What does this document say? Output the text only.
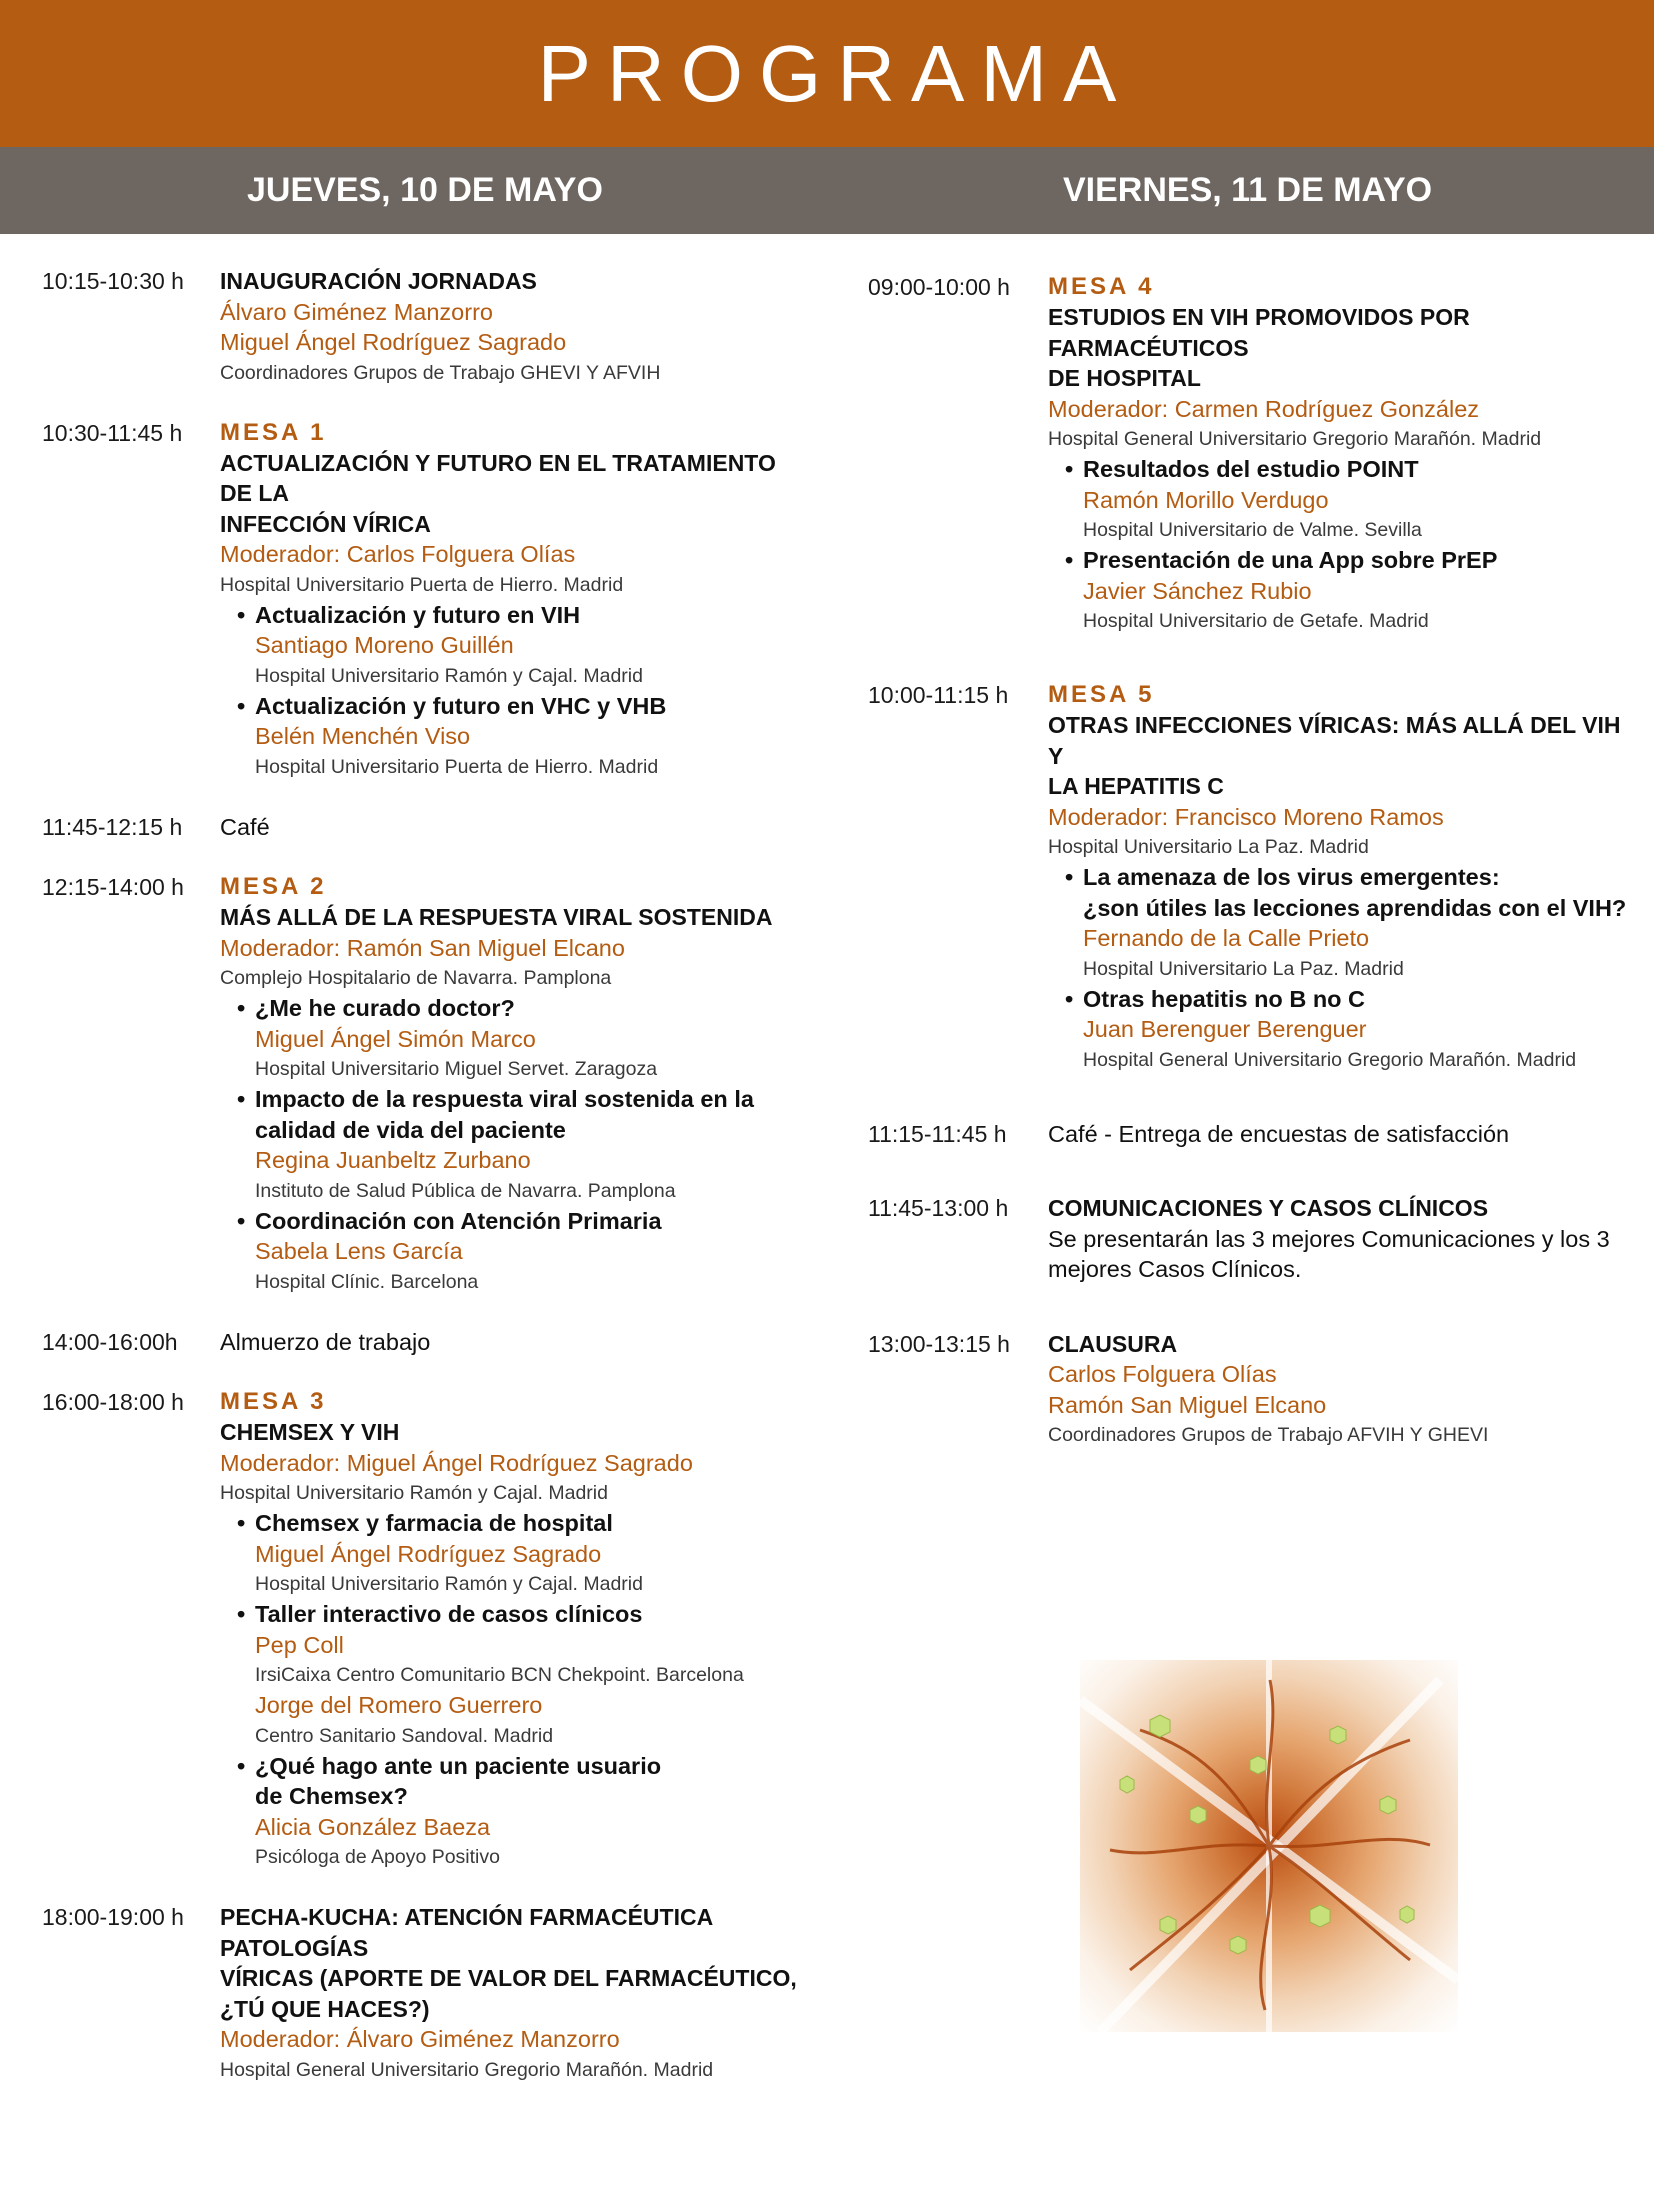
PROGRAMA
JUEVES, 10 DE MAYO	VIERNES, 11 DE MAYO
10:15-10:30 h	INAUGURACIÓN JORNADAS
Álvaro Giménez Manzorro
Miguel Ángel Rodríguez Sagrado
Coordinadores Grupos de Trabajo GHEVI Y AFVIH
10:30-11:45 h	MESA 1
ACTUALIZACIÓN Y FUTURO EN EL TRATAMIENTO DE LA
INFECCIÓN VÍRICA
Moderador: Carlos Folguera Olías
Hospital Universitario Puerta de Hierro. Madrid
• Actualización y futuro en VIH
Santiago Moreno Guillén
Hospital Universitario Ramón y Cajal. Madrid
• Actualización y futuro en VHC y VHB
Belén Menchén Viso
Hospital Universitario Puerta de Hierro. Madrid
11:45-12:15 h	Café
12:15-14:00 h	MESA 2
MÁS ALLÁ DE LA RESPUESTA VIRAL SOSTENIDA
Moderador: Ramón San Miguel Elcano
Complejo Hospitalario de Navarra. Pamplona
• ¿Me he curado doctor?
Miguel Ángel Simón Marco
Hospital Universitario Miguel Servet. Zaragoza
• Impacto de la respuesta viral sostenida en la
calidad de vida del paciente
Regina Juanbeltz Zurbano
Instituto de Salud Pública de Navarra. Pamplona
• Coordinación con Atención Primaria
Sabela Lens García
Hospital Clínic. Barcelona
14:00-16:00h	Almuerzo de trabajo
16:00-18:00 h	MESA 3
CHEMSEX Y VIH
Moderador: Miguel Ángel Rodríguez Sagrado
Hospital Universitario Ramón y Cajal. Madrid
• Chemsex y farmacia de hospital
Miguel Ángel Rodríguez Sagrado
Hospital Universitario Ramón y Cajal. Madrid
• Taller interactivo de casos clínicos
Pep Coll
IrsiCaixa Centro Comunitario BCN Chekpoint. Barcelona
Jorge del Romero Guerrero
Centro Sanitario Sandoval. Madrid
• ¿Qué hago ante un paciente usuario
de Chemsex?
Alicia González Baeza
Psicóloga de Apoyo Positivo
18:00-19:00 h	PECHA-KUCHA: ATENCIÓN FARMACÉUTICA PATOLOGÍAS
VÍRICAS (APORTE DE VALOR DEL FARMACÉUTICO,
¿TÚ QUE HACES?)
Moderador: Álvaro Giménez Manzorro
Hospital General Universitario Gregorio Marañón. Madrid
09:00-10:00 h	MESA 4
ESTUDIOS EN VIH PROMOVIDOS POR FARMACÉUTICOS
DE HOSPITAL
Moderador: Carmen Rodríguez González
Hospital General Universitario Gregorio Marañón. Madrid
• Resultados del estudio POINT
Ramón Morillo Verdugo
Hospital Universitario de Valme. Sevilla
• Presentación de una App sobre PrEP
Javier Sánchez Rubio
Hospital Universitario de Getafe. Madrid
10:00-11:15 h	MESA 5
OTRAS INFECCIONES VÍRICAS: MÁS ALLÁ DEL VIH Y
LA HEPATITIS C
Moderador: Francisco Moreno Ramos
Hospital Universitario La Paz. Madrid
• La amenaza de los virus emergentes:
¿son útiles las lecciones aprendidas con el VIH?
Fernando de la Calle Prieto
Hospital Universitario La Paz. Madrid
• Otras hepatitis no B no C
Juan Berenguer Berenguer
Hospital General Universitario Gregorio Marañón. Madrid
11:15-11:45 h	Café - Entrega de encuestas de satisfacción
11:45-13:00 h	COMUNICACIONES Y CASOS CLÍNICOS
Se presentarán las 3 mejores Comunicaciones y los 3
mejores Casos Clínicos.
13:00-13:15 h	CLAUSURA
Carlos Folguera Olías
Ramón San Miguel Elcano
Coordinadores Grupos de Trabajo AFVIH Y GHEVI
